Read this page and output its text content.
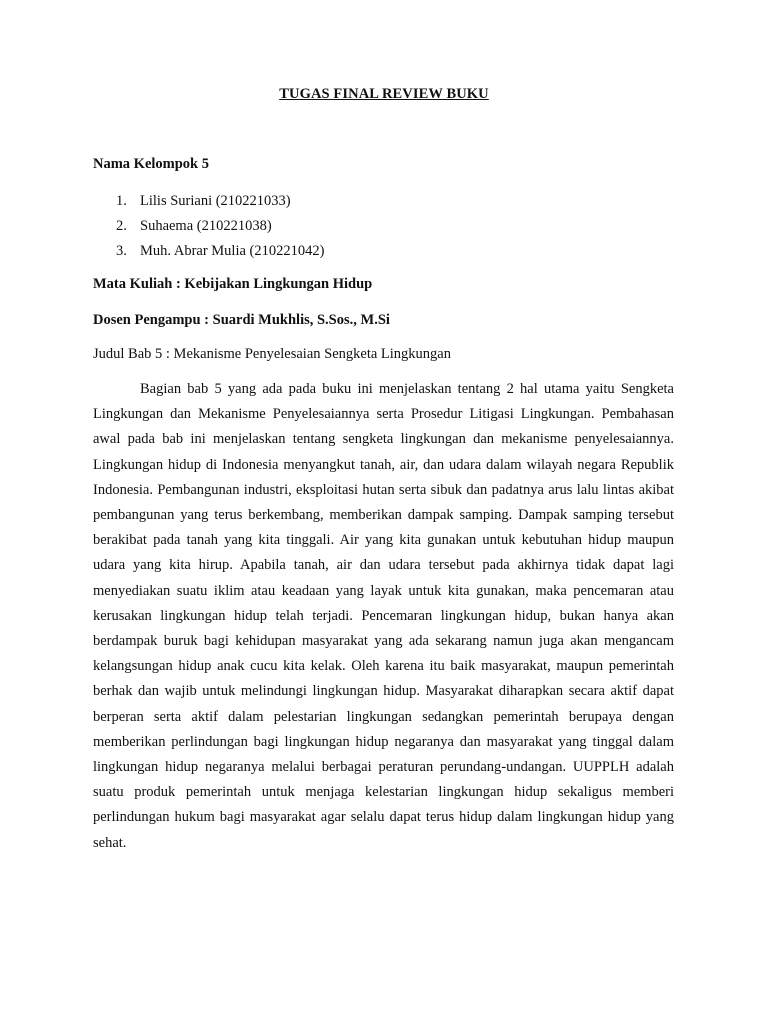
TUGAS FINAL REVIEW BUKU
Nama Kelompok 5
1. Lilis Suriani (210221033)
2. Suhaema (210221038)
3. Muh. Abrar Mulia (210221042)
Mata Kuliah : Kebijakan Lingkungan Hidup
Dosen Pengampu : Suardi Mukhlis, S.Sos., M.Si
Judul Bab 5 : Mekanisme Penyelesaian Sengketa Lingkungan

Bagian bab 5 yang ada pada buku ini menjelaskan tentang 2 hal utama yaitu Sengketa Lingkungan dan Mekanisme Penyelesaiannya serta Prosedur Litigasi Lingkungan. Pembahasan awal pada bab ini menjelaskan tentang sengketa lingkungan dan mekanisme penyelesaiannya. Lingkungan hidup di Indonesia menyangkut tanah, air, dan udara dalam wilayah negara Republik Indonesia. Pembangunan industri, eksploitasi hutan serta sibuk dan padatnya arus lalu lintas akibat pembangunan yang terus berkembang, memberikan dampak samping. Dampak samping tersebut berakibat pada tanah yang kita tinggali. Air yang kita gunakan untuk kebutuhan hidup maupun udara yang kita hirup. Apabila tanah, air dan udara tersebut pada akhirnya tidak dapat lagi menyediakan suatu iklim atau keadaan yang layak untuk kita gunakan, maka pencemaran atau kerusakan lingkungan hidup telah terjadi. Pencemaran lingkungan hidup, bukan hanya akan berdampak buruk bagi kehidupan masyarakat yang ada sekarang namun juga akan mengancam kelangsungan hidup anak cucu kita kelak. Oleh karena itu baik masyarakat, maupun pemerintah berhak dan wajib untuk melindungi lingkungan hidup. Masyarakat diharapkan secara aktif dapat berperan serta aktif dalam pelestarian lingkungan sedangkan pemerintah berupaya dengan memberikan perlindungan bagi lingkungan hidup negaranya dan masyarakat yang tinggal dalam lingkungan hidup negaranya melalui berbagai peraturan perundang-undangan. UUPPLH adalah suatu produk pemerintah untuk menjaga kelestarian lingkungan hidup sekaligus memberi perlindungan hukum bagi masyarakat agar selalu dapat terus hidup dalam lingkungan hidup yang sehat.
